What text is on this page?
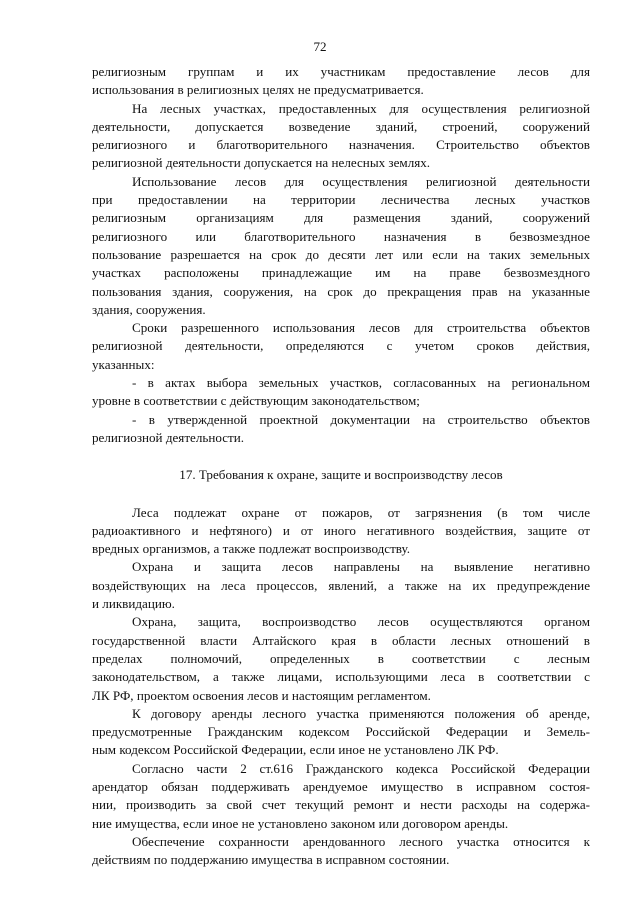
72
религиозным группам и их участникам предоставление лесов для
использования в религиозных целях не предусматривается.
На лесных участках, предоставленных для осуществления религиозной
деятельности, допускается возведение зданий, строений, сооружений
религиозного и благотворительного назначения. Строительство объектов
религиозной деятельности допускается на нелесных землях.
Использование лесов для осуществления религиозной деятельности
при предоставлении на территории лесничества лесных участков
религиозным организациям для размещения зданий, сооружений
религиозного или благотворительного назначения в безвозмездное
пользование разрешается на срок до десяти лет или если на таких земельных
участках расположены принадлежащие им на праве безвозмездного
пользования здания, сооружения, на срок до прекращения прав на указанные
здания, сооружения.
Сроки разрешенного использования лесов для строительства объектов
религиозной деятельности, определяются с учетом сроков действия,
указанных:
- в актах выбора земельных участков, согласованных на региональном
уровне в соответствии с действующим законодательством;
- в утвержденной проектной документации на строительство объектов
религиозной деятельности.
17. Требования к охране, защите и воспроизводству лесов
Леса подлежат охране от пожаров, от загрязнения (в том числе
радиоактивного и нефтяного) и от иного негативного воздействия, защите от
вредных организмов, а также подлежат воспроизводству.
Охрана и защита лесов направлены на выявление негативно
воздействующих на леса процессов, явлений, а также на их предупреждение
и ликвидацию.
Охрана, защита, воспроизводство лесов осуществляются органом
государственной власти Алтайского края в области лесных отношений в
пределах полномочий, определенных в соответствии с лесным
законодательством, а также лицами, использующими леса в соответствии с
ЛК РФ, проектом освоения лесов и настоящим регламентом.
К договору аренды лесного участка применяются положения об аренде,
предусмотренные Гражданским кодексом Российской Федерации и Земель-
ным кодексом Российской Федерации, если иное не установлено ЛК РФ.
Согласно части 2 ст.616 Гражданского кодекса Российской Федерации
арендатор обязан поддерживать арендуемое имущество в исправном состоя-
нии, производить за свой счет текущий ремонт и нести расходы на содержа-
ние имущества, если иное не установлено законом или договором аренды.
Обеспечение сохранности арендованного лесного участка относится к
действиям по поддержанию имущества в исправном состоянии.
